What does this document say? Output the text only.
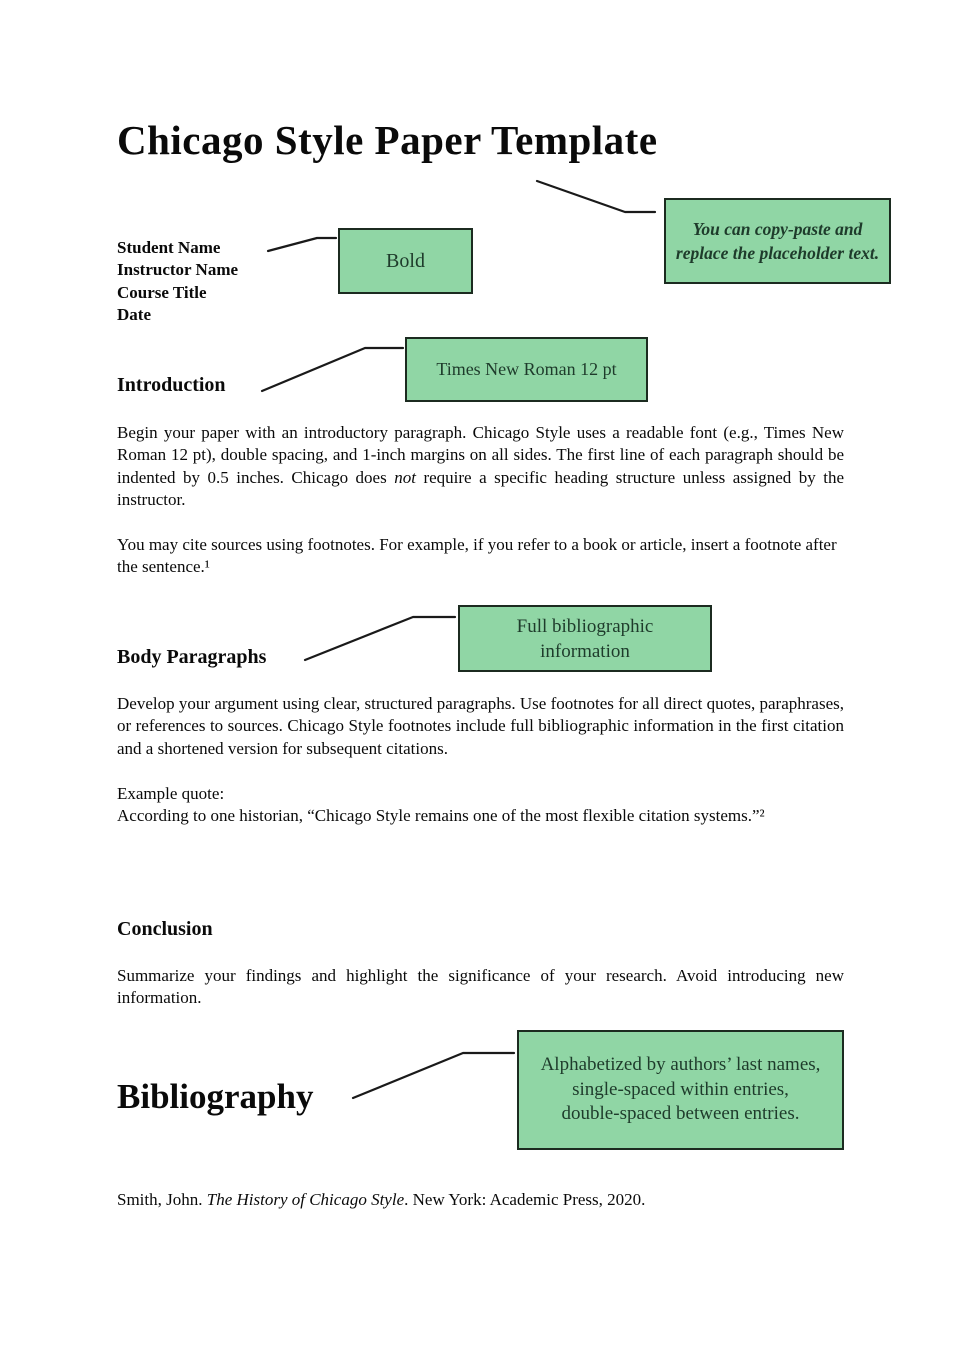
Chicago Style Paper Template
Student Name
Instructor Name
Course Title
Date
Bold
You can copy-paste and replace the placeholder text.
Times New Roman 12 pt
Full bibliographic information
Alphabetized by authors’ last names,
single-spaced within entries,
double-spaced between entries.
Introduction

Begin your paper with an introductory paragraph. Chicago Style uses a readable font (e.g., Times New Roman 12 pt), double spacing, and 1-inch margins on all sides. The first line of each paragraph should be indented by 0.5 inches. Chicago does not require a specific heading structure unless assigned by the instructor.

You may cite sources using footnotes. For example, if you refer to a book or article, insert a footnote after the sentence.¹

Body Paragraphs

Develop your argument using clear, structured paragraphs. Use footnotes for all direct quotes, paraphrases, or references to sources. Chicago Style footnotes include full bibliographic information in the first citation and a shortened version for subsequent citations.

Example quote:
According to one historian, “Chicago Style remains one of the most flexible citation systems.”²
Conclusion

Summarize your findings and highlight the significance of your research. Avoid introducing new information.

Bibliography

Smith, John. The History of Chicago Style. New York: Academic Press, 2020.
